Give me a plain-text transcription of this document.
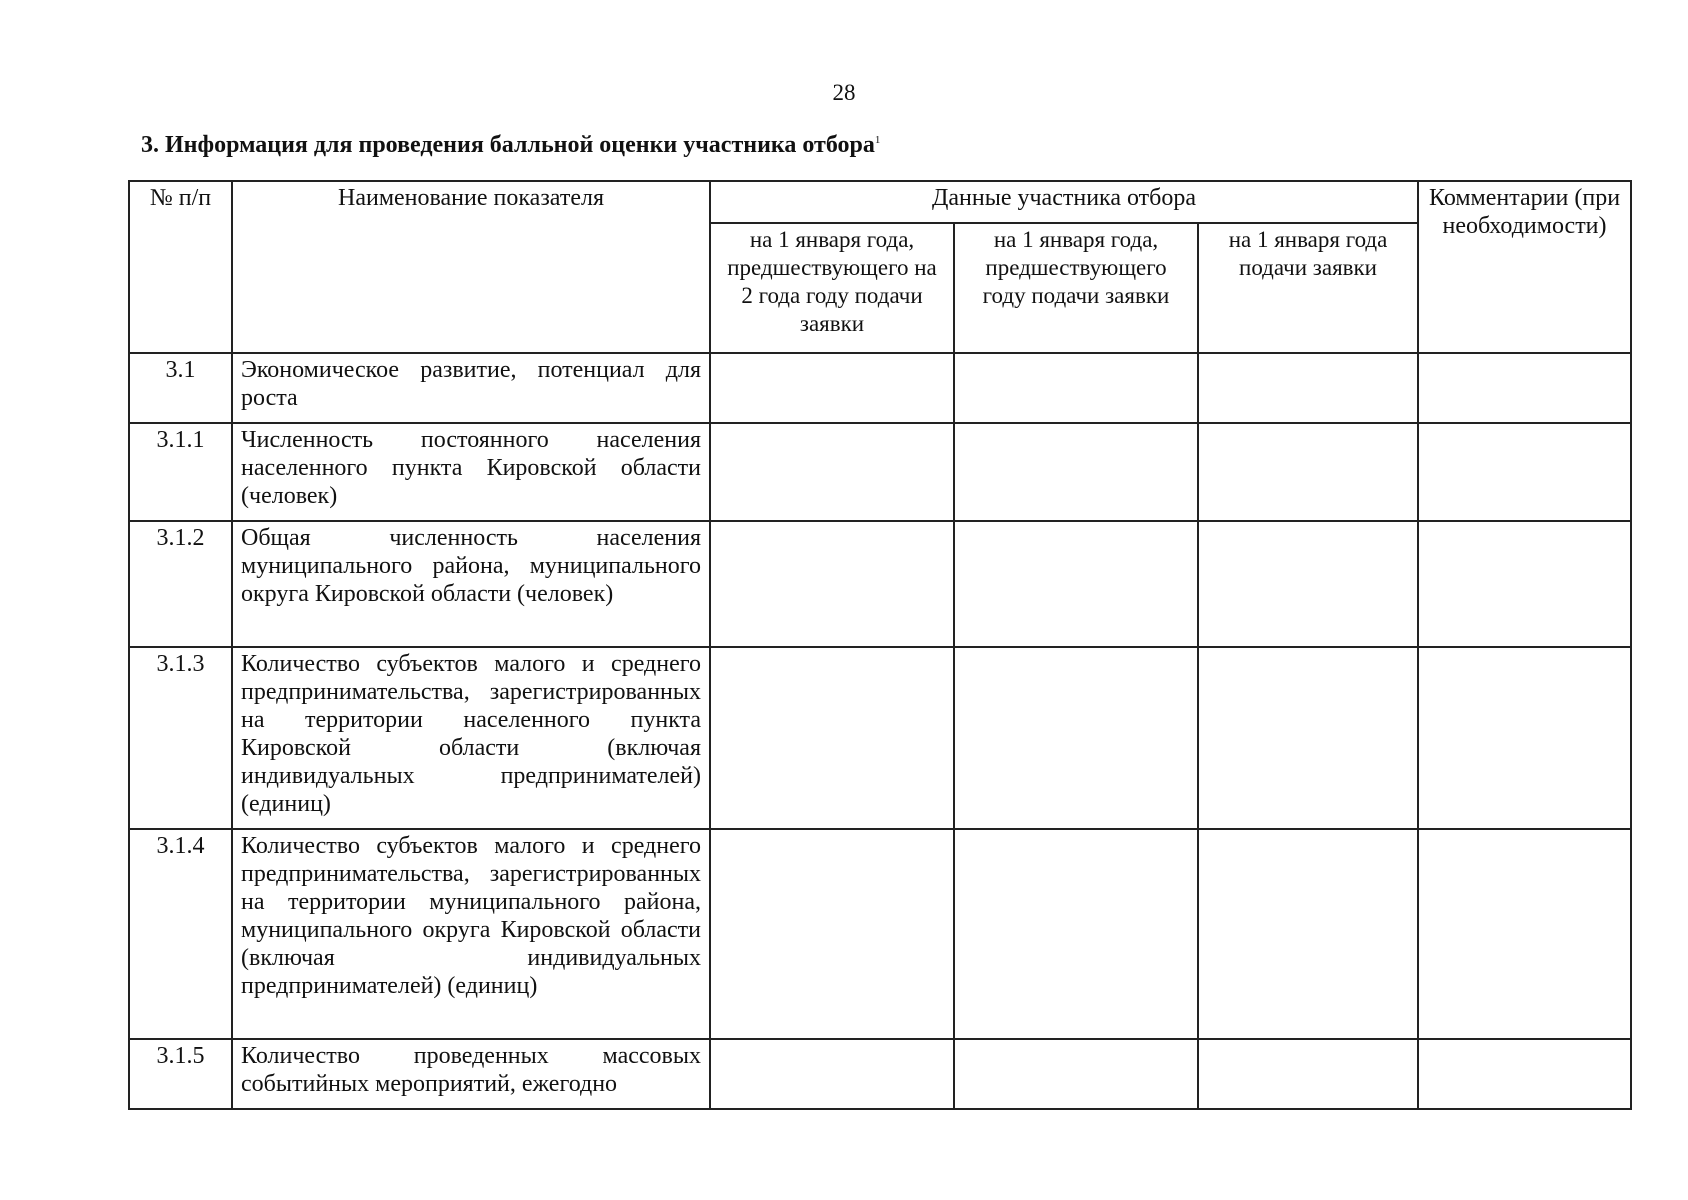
28
3. Информация для проведения балльной оценки участника отбора$^1$
№ п/п	Наименование показателя	Данные участника отбора			Комментарии (при необходимости)
		на 1 января года, предшествующего на 2 года году подачи заявки	на 1 января года, предшествующего году подачи заявки	на 1 января года подачи заявки	
3.1	Экономическое развитие, потенциал для роста				
3.1.1	Численность постоянного населения населенного пункта Кировской области (человек)				
3.1.2	Общая численность населения муниципального района, муниципального округа Кировской области (человек)				
3.1.3	Количество субъектов малого и среднего предпринимательства, зарегистрированных на территории населенного пункта Кировской области (включая индивидуальных предпринимателей) (единиц)				
3.1.4	Количество субъектов малого и среднего предпринимательства, зарегистрированных на территории муниципального района, муниципального округа Кировской области (включая индивидуальных предпринимателей) (единиц)				
3.1.5	Количество проведенных массовых событийных мероприятий, ежегодно				
